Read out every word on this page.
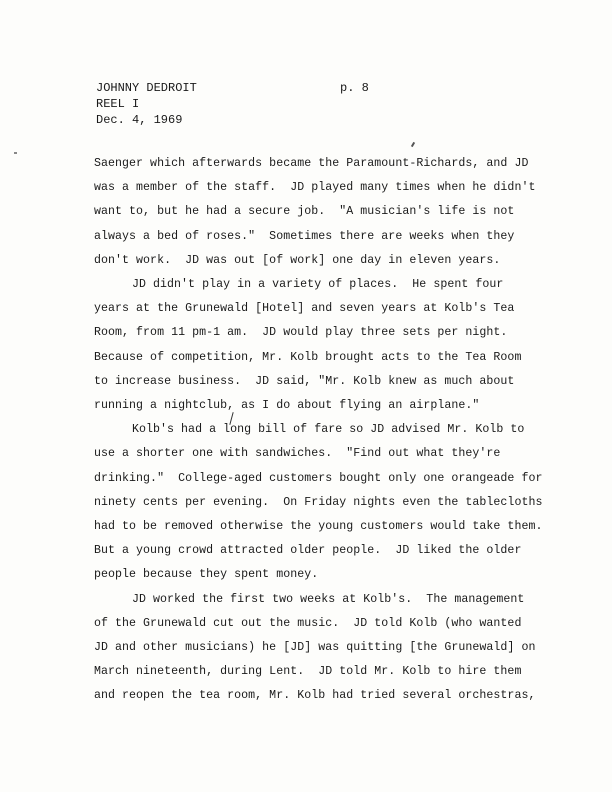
JOHNNY DEDROIT
REEL I
Dec. 4, 1969
p. 8
Saenger which afterwards became the Paramount-Richards, and JD
was a member of the staff.  JD played many times when he didn't
want to, but he had a secure job.  "A musician's life is not
always a bed of roses."  Sometimes there are weeks when they
don't work.  JD was out [of work] one day in eleven years.
JD didn't play in a variety of places.  He spent four
years at the Grunewald [Hotel] and seven years at Kolb's Tea
Room, from 11 pm-1 am.  JD would play three sets per night.
Because of competition, Mr. Kolb brought acts to the Tea Room
to increase business.  JD said, "Mr. Kolb knew as much about
running a nightclub, as I do about flying an airplane."
Kolb's had a long bill of fare so JD advised Mr. Kolb to
use a shorter one with sandwiches.  "Find out what they're
drinking."  College-aged customers bought only one orangeade for
ninety cents per evening.  On Friday nights even the tablecloths
had to be removed otherwise the young customers would take them.
But a young crowd attracted older people.  JD liked the older
people because they spent money.
JD worked the first two weeks at Kolb's.  The management
of the Grunewald cut out the music.  JD told Kolb (who wanted
JD and other musicians) he [JD] was quitting [the Grunewald] on
March nineteenth, during Lent.  JD told Mr. Kolb to hire them
and reopen the tea room, Mr. Kolb had tried several orchestras,
